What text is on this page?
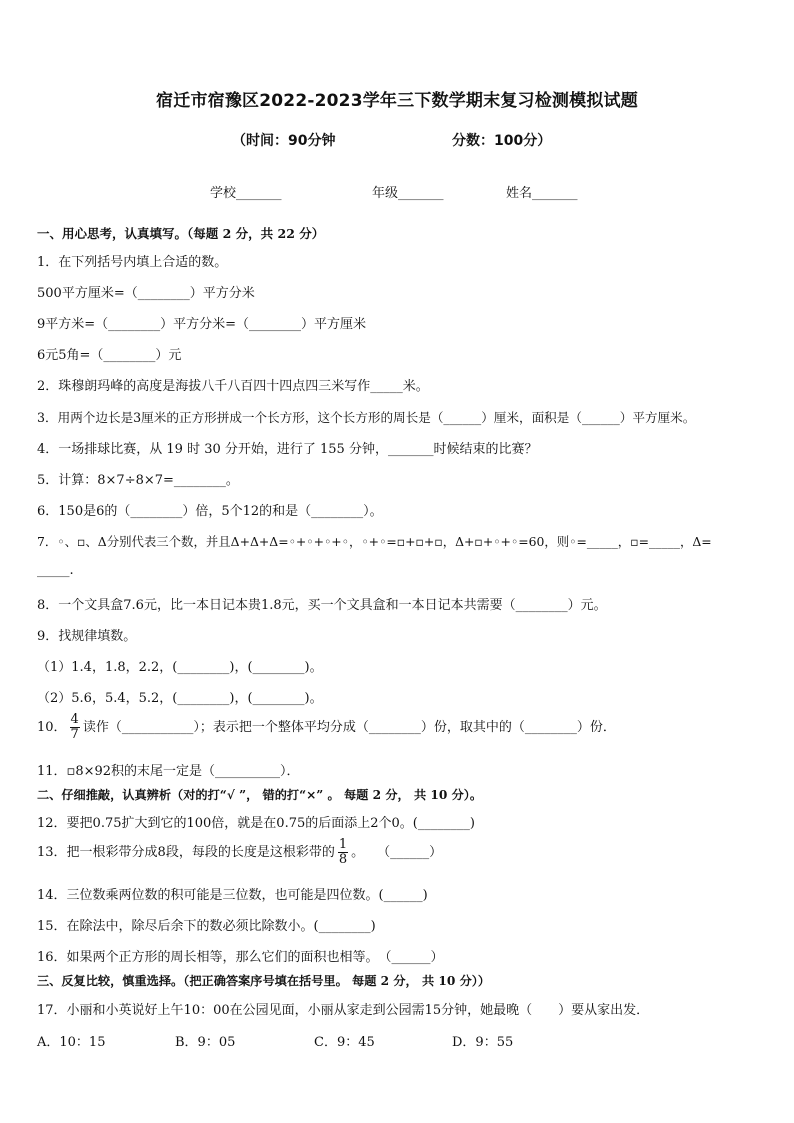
宿迁市宿豫区2022-2023学年三下数学期末复习检测模拟试题
（时间：90分钟	分数：100分）
学校_______	年级_______	姓名_______
一、用心思考，认真填写。（每题 2 分，共 22 分）
1．在下列括号内填上合适的数。
500平方厘米=（________）平方分米
9平方米=（________）平方分米=（________）平方厘米
6元5角=（________）元
2．珠穆朗玛峰的高度是海拔八千八百四十四点四三米写作_____米。
3．用两个边长是3厘米的正方形拼成一个长方形，这个长方形的周长是（______）厘米，面积是（______）平方厘米。
4．一场排球比赛，从 19 时 30 分开始，进行了 155 分钟，_______时候结束的比赛？
5．计算：8×7÷8×7=________。
6．150是6的（________）倍，5个12的和是（________）。
7．◦、▫、Δ分别代表三个数，并且Δ+Δ+Δ=◦+◦+◦+◦，◦+◦=▫+▫+▫，Δ+▫+◦+◦=60，则◦=_____，▫=_____，Δ=
_____.
8．一个文具盒7.6元，比一本日记本贵1.8元，买一个文具盒和一本日记本共需要（________）元。
9．找规律填数。
（1）1.4，1.8，2.2，(________)，(________)。
（2）5.6，5.4，5.2，(________)，(________)。
10． $\frac{4}{7}$ 读作（___________）；表示把一个整体平均分成（________）份，取其中的（________）份．
11．▫8×92积的末尾一定是（__________）．
二、仔细推敲，认真辨析（对的打“√ ”， 错的打“×” 。 每题 2 分， 共 10 分）。
12．要把0.75扩大到它的100倍，就是在0.75的后面添上2个0。(________)
13．把一根彩带分成8段，每段的长度是这根彩带的 $\frac{1}{8}$ 。　　（______）
14．三位数乘两位数的积可能是三位数，也可能是四位数。(______)
15．在除法中，除尽后余下的数必须比除数小。(________)
16．如果两个正方形的周长相等，那么它们的面积也相等。　（______）
三、反复比较，慎重选择。（把正确答案序号填在括号里。 每题 2 分， 共 10 分））
17．小丽和小英说好上午10：00在公园见面，小丽从家走到公园需15分钟，她最晚（　　）要从家出发．
A．10：15	B．9：05	C．9：45	D．9：55
